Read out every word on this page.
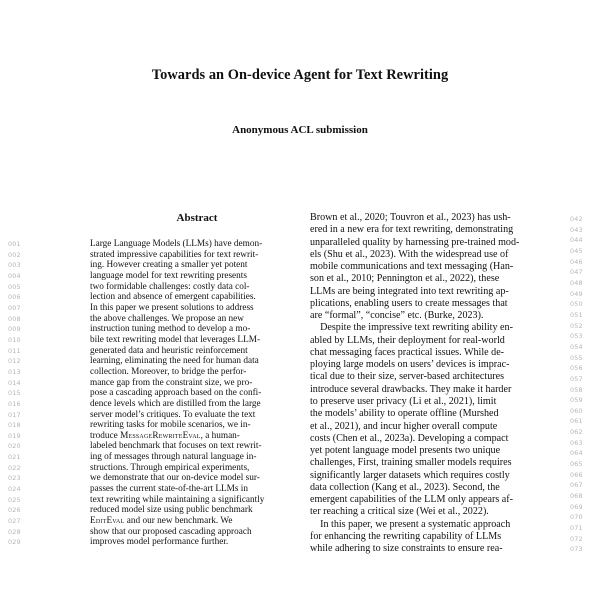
Towards an On-device Agent for Text Rewriting
Anonymous ACL submission
Abstract
001
002
003
004
005
006
007
008
009
010
011
012
013
014
015
016
017
018
019
020
021
022
023
024
025
026
027
028
029
042
043
044
045
046
047
048
049
050
051
052
053
054
055
056
057
058
059
060
061
062
063
064
065
066
067
068
069
070
071
072
073
Large Language Models (LLMs) have demon-
strated impressive capabilities for text rewrit-
ing. However creating a smaller yet potent
language model for text rewriting presents
two formidable challenges: costly data col-
lection and absence of emergent capabilities.
In this paper we present solutions to address
the above challenges. We propose an new
instruction tuning method to develop a mo-
bile text rewriting model that leverages LLM-
generated data and heuristic reinforcement
learning, eliminating the need for human data
collection. Moreover, to bridge the perfor-
mance gap from the constraint size, we pro-
pose a cascading approach based on the confi-
dence levels which are distilled from the large
server model’s critiques. To evaluate the text
rewriting tasks for mobile scenarios, we in-
troduce MessageRewriteEval, a human-
labeled benchmark that focuses on text rewrit-
ing of messages through natural language in-
structions. Through empirical experiments,
we demonstrate that our on-device model sur-
passes the current state-of-the-art LLMs in
text rewriting while maintaining a significantly
reduced model size using public benchmark
EditEval and our new benchmark. We
show that our proposed cascading approach
improves model performance further.
Brown et al., 2020; Touvron et al., 2023) has ush-
ered in a new era for text rewriting, demonstrating
unparalleled quality by harnessing pre-trained mod-
els (Shu et al., 2023). With the widespread use of
mobile communications and text messaging (Han-
son et al., 2010; Pennington et al., 2022), these
LLMs are being integrated into text rewriting ap-
plications, enabling users to create messages that
are “formal”, “concise” etc. (Burke, 2023).
Despite the impressive text rewriting ability en-
abled by LLMs, their deployment for real-world
chat messaging faces practical issues. While de-
ploying large models on users’ devices is imprac-
tical due to their size, server-based architectures
introduce several drawbacks. They make it harder
to preserve user privacy (Li et al., 2021), limit
the models’ ability to operate offline (Murshed
et al., 2021), and incur higher overall compute
costs (Chen et al., 2023a). Developing a compact
yet potent language model presents two unique
challenges, First, training smaller models requires
significantly larger datasets which requires costly
data collection (Kang et al., 2023). Second, the
emergent capabilities of the LLM only appears af-
ter reaching a critical size (Wei et al., 2022).
In this paper, we present a systematic approach
for enhancing the rewriting capability of LLMs
while adhering to size constraints to ensure rea-
